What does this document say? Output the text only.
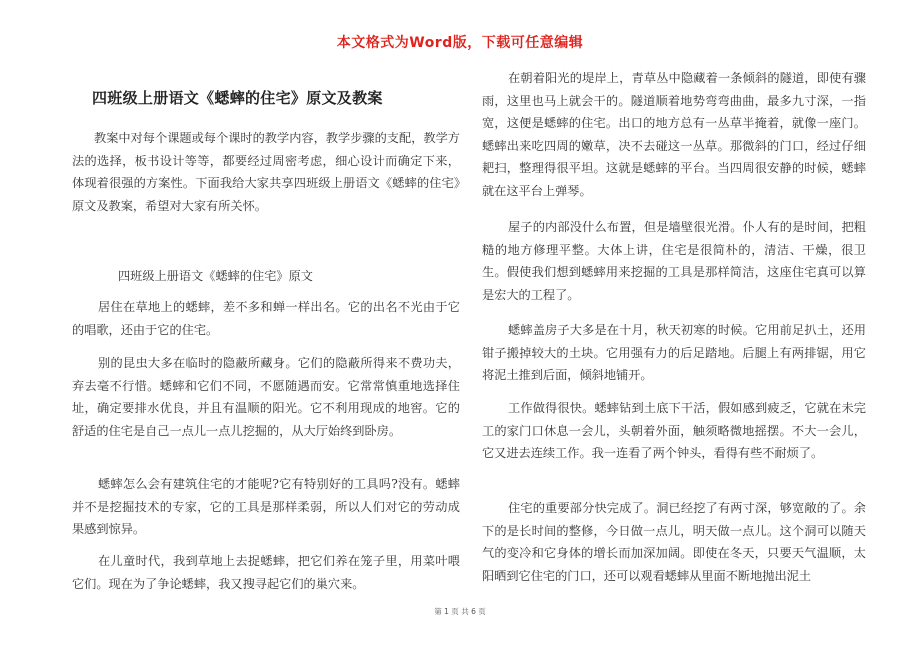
本文格式为Word版，下载可任意编辑
四班级上册语文《蟋蟀的住宅》原文及教案

教案中对每个课题或每个课时的教学内容，教学步骤的支配，教学方法的选择，板书设计等等，都要经过周密考虑，细心设计而确定下来，体现着很强的方案性。下面我给大家共享四班级上册语文《蟋蟀的住宅》原文及教案，希望对大家有所关怀。

四班级上册语文《蟋蟀的住宅》原文

居住在草地上的蟋蟀，差不多和蝉一样出名。它的出名不光由于它的唱歌，还由于它的住宅。

别的昆虫大多在临时的隐蔽所藏身。它们的隐蔽所得来不费功夫，弃去毫不行惜。蟋蟀和它们不同，不愿随遇而安。它常常慎重地选择住址，确定要排水优良，并且有温顺的阳光。它不利用现成的地窖。它的舒适的住宅是自己一点儿一点儿挖掘的，从大厅始终到卧房。

蟋蟀怎么会有建筑住宅的才能呢?它有特别好的工具吗?没有。蟋蟀并不是挖掘技术的专家，它的工具是那样柔弱，所以人们对它的劳动成果感到惊异。

在儿童时代，我到草地上去捉蟋蟀，把它们养在笼子里，用菜叶喂它们。现在为了争论蟋蟀，我又搜寻起它们的巢穴来。

在朝着阳光的堤岸上，青草丛中隐藏着一条倾斜的隧道，即使有骤雨，这里也马上就会干的。隧道顺着地势弯弯曲曲，最多九寸深，一指宽，这便是蟋蟀的住宅。出口的地方总有一丛草半掩着，就像一座门。蟋蟀出来吃四周的嫩草，决不去碰这一丛草。那微斜的门口，经过仔细耙扫，整理得很平坦。这就是蟋蟀的平台。当四周很安静的时候，蟋蟀就在这平台上弹琴。

屋子的内部没什么布置，但是墙壁很光滑。仆人有的是时间，把粗糙的地方修理平整。大体上讲，住宅是很简朴的，清洁、干燥，很卫生。假使我们想到蟋蟀用来挖掘的工具是那样简洁，这座住宅真可以算是宏大的工程了。

蟋蟀盖房子大多是在十月，秋天初寒的时候。它用前足扒土，还用钳子搬掉较大的土块。它用强有力的后足踏地。后腿上有两排锯，用它将泥土推到后面，倾斜地铺开。

工作做得很快。蟋蟀钻到土底下干活，假如感到疲乏，它就在未完工的家门口休息一会儿，头朝着外面，触须略微地摇摆。不大一会儿，它又进去连续工作。我一连看了两个钟头，看得有些不耐烦了。

住宅的重要部分快完成了。洞已经挖了有两寸深，够宽敞的了。余下的是长时间的整修，今日做一点儿，明天做一点儿。这个洞可以随天气的变冷和它身体的增长而加深加阔。即使在冬天，只要天气温顺，太阳晒到它住宅的门口，还可以观看蟋蟀从里面不断地抛出泥土

第 1 页 共 6 页
